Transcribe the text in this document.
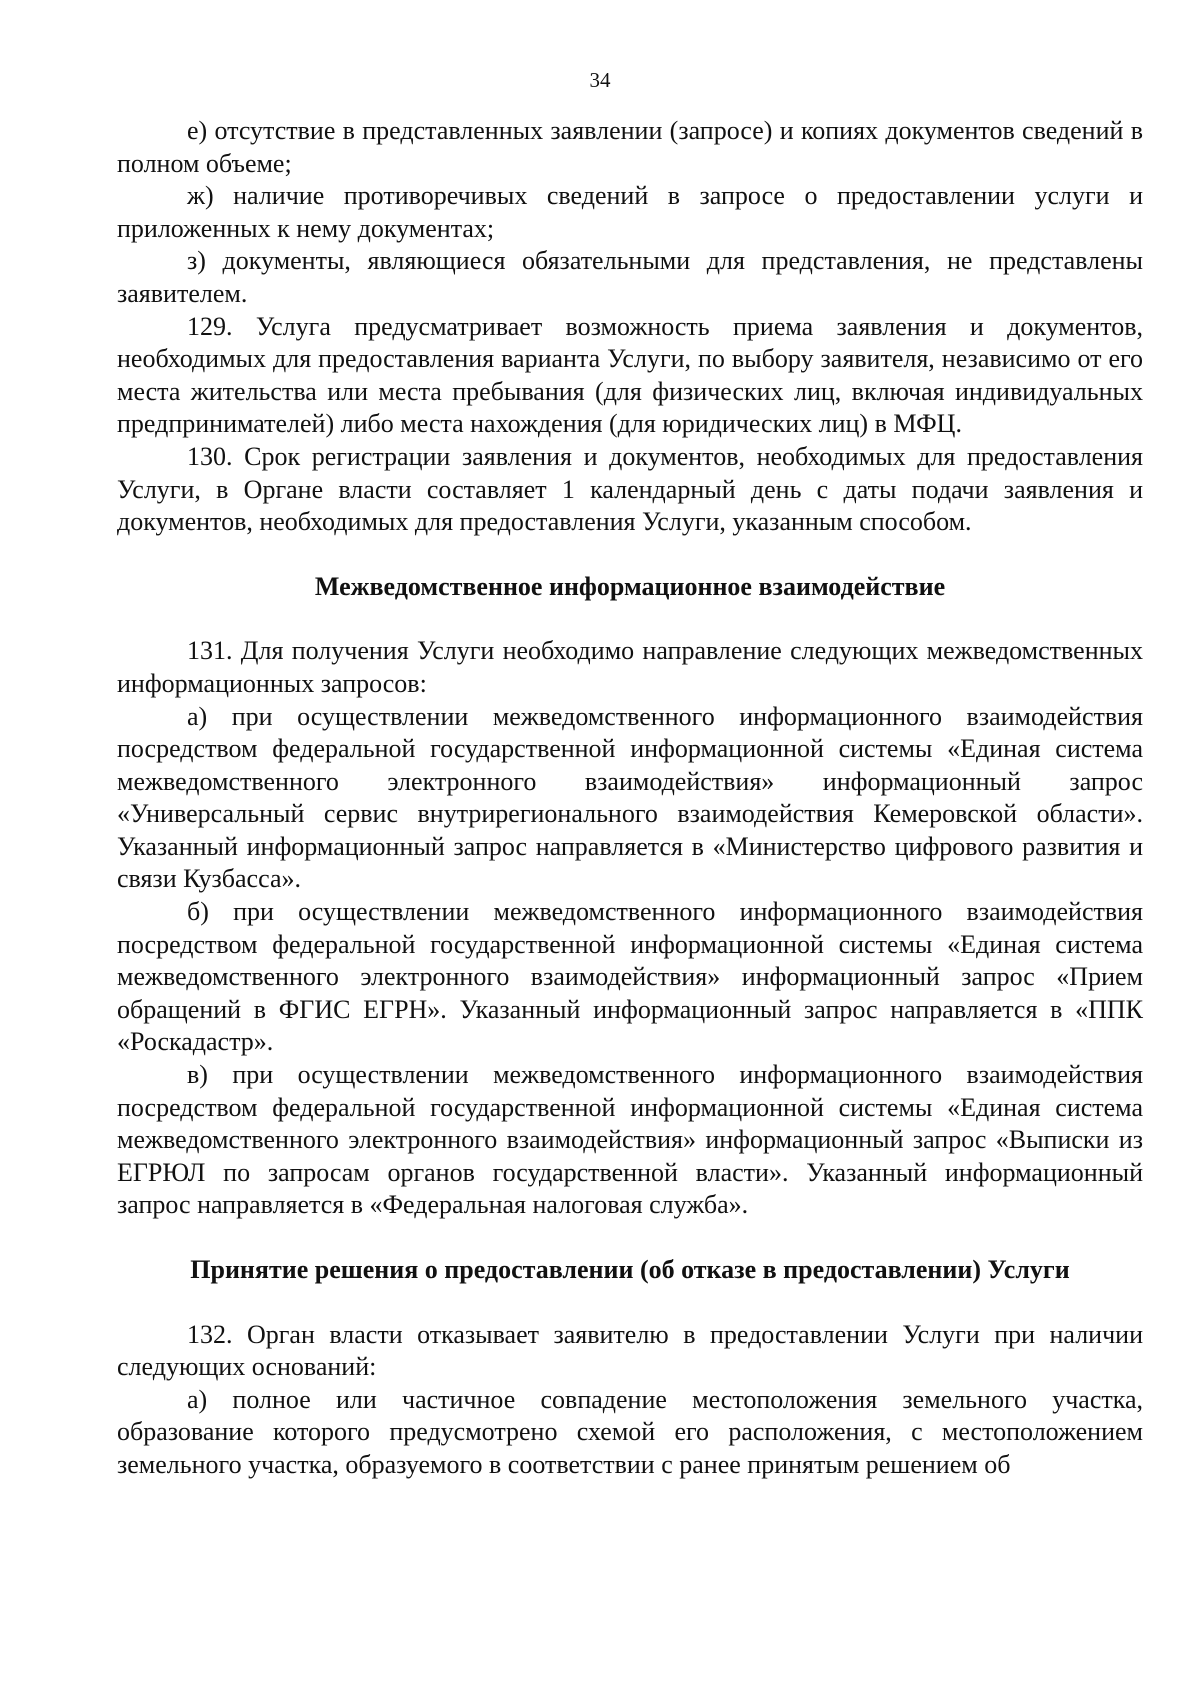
34

е) отсутствие в представленных заявлении (запросе) и копиях документов сведений в полном объеме;

ж) наличие противоречивых сведений в запросе о предоставлении услуги и приложенных к нему документах;

з) документы, являющиеся обязательными для представления, не представлены заявителем.

129. Услуга предусматривает возможность приема заявления и документов, необходимых для предоставления варианта Услуги, по выбору заявителя, независимо от его места жительства или места пребывания (для физических лиц, включая индивидуальных предпринимателей) либо места нахождения (для юридических лиц) в МФЦ.

130. Срок регистрации заявления и документов, необходимых для предоставления Услуги, в Органе власти составляет 1 календарный день с даты подачи заявления и документов, необходимых для предоставления Услуги, указанным способом.

Межведомственное информационное взаимодействие

131. Для получения Услуги необходимо направление следующих межведомственных информационных запросов:

а) при осуществлении межведомственного информационного взаимодействия посредством федеральной государственной информационной системы «Единая система межведомственного электронного взаимодействия» информационный запрос «Универсальный сервис внутрирегионального взаимодействия Кемеровской области». Указанный информационный запрос направляется в «Министерство цифрового развития и связи Кузбасса».

б) при осуществлении межведомственного информационного взаимодействия посредством федеральной государственной информационной системы «Единая система межведомственного электронного взаимодействия» информационный запрос «Прием обращений в ФГИС ЕГРН». Указанный информационный запрос направляется в «ППК «Роскадастр».

в) при осуществлении межведомственного информационного взаимодействия посредством федеральной государственной информационной системы «Единая система межведомственного электронного взаимодействия» информационный запрос «Выписки из ЕГРЮЛ по запросам органов государственной власти». Указанный информационный запрос направляется в «Федеральная налоговая служба».

Принятие решения о предоставлении (об отказе в предоставлении) Услуги

132. Орган власти отказывает заявителю в предоставлении Услуги при наличии следующих оснований:

а) полное или частичное совпадение местоположения земельного участка, образование которого предусмотрено схемой его расположения, с местоположением земельного участка, образуемого в соответствии с ранее принятым решением об
